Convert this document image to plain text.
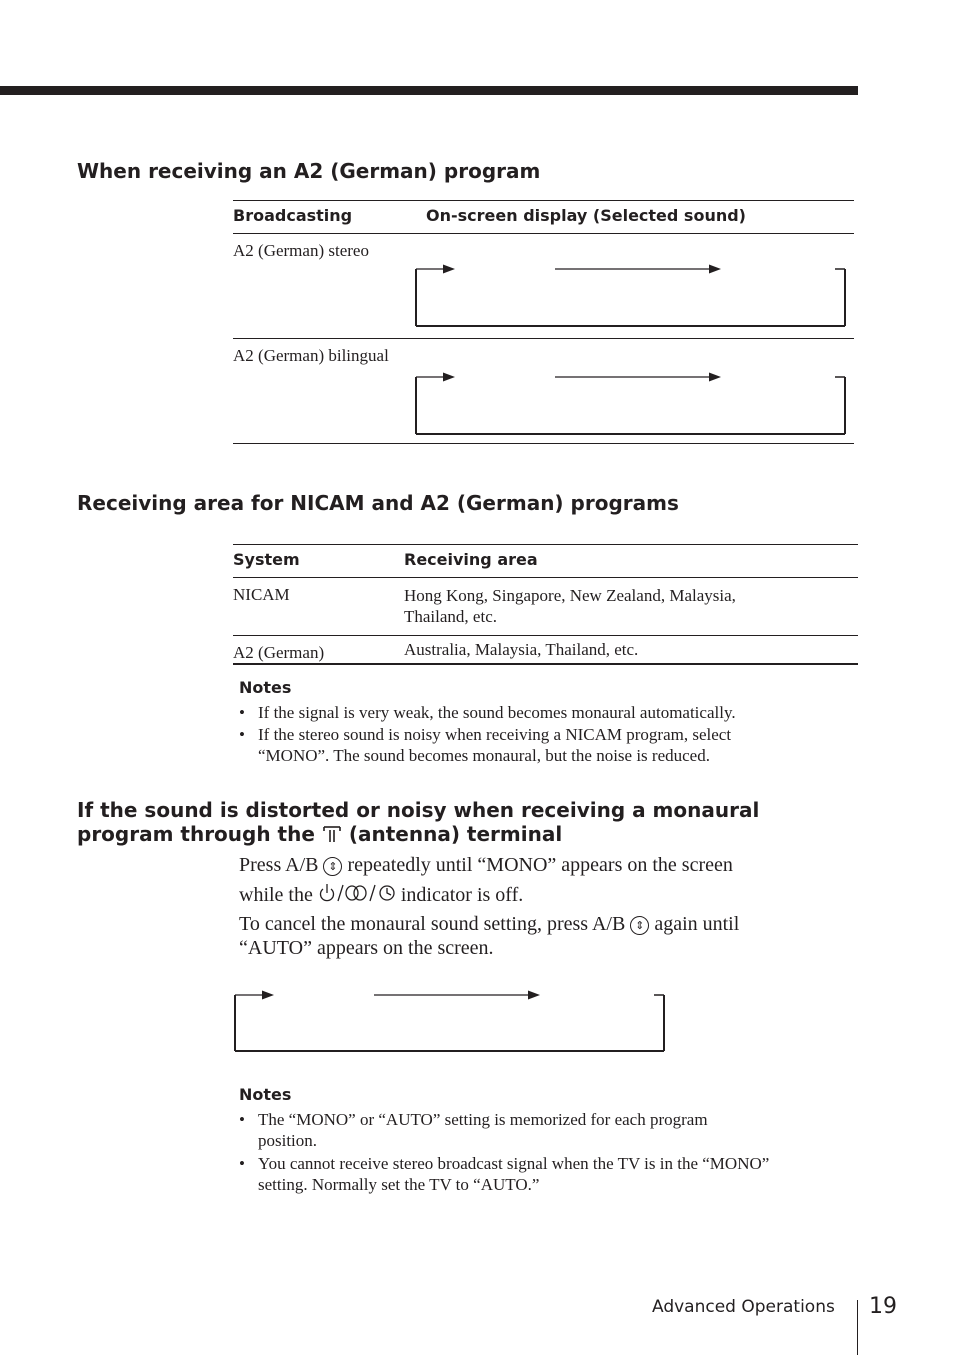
When receiving an A2 (German) program
Broadcasting	On-screen display (Selected sound)
A2 (German) stereo
A2 (German) bilingual
Receiving area for NICAM and A2 (German) programs
System	Receiving area
NICAM	Hong Kong, Singapore, New Zealand, Malaysia,
Thailand, etc.
A2 (German)	Australia, Malaysia, Thailand, etc.
Notes
• If the signal is very weak, the sound becomes monaural automatically.
• If the stereo sound is noisy when receiving a NICAM program, select
“MONO”. The sound becomes monaural, but the noise is reduced.
If the sound is distorted or noisy when receiving a monaural
program through the (antenna) terminal
Press A/B ⇕ repeatedly until “MONO” appears on the screen
while the	indicator is off.
To cancel the monaural sound setting, press A/B ⇕ again until
“AUTO” appears on the screen.
Notes
• The “MONO” or “AUTO” setting is memorized for each program
position.
• You cannot receive stereo broadcast signal when the TV is in the “MONO”
setting. Normally set the TV to “AUTO.”
Advanced Operations 19
